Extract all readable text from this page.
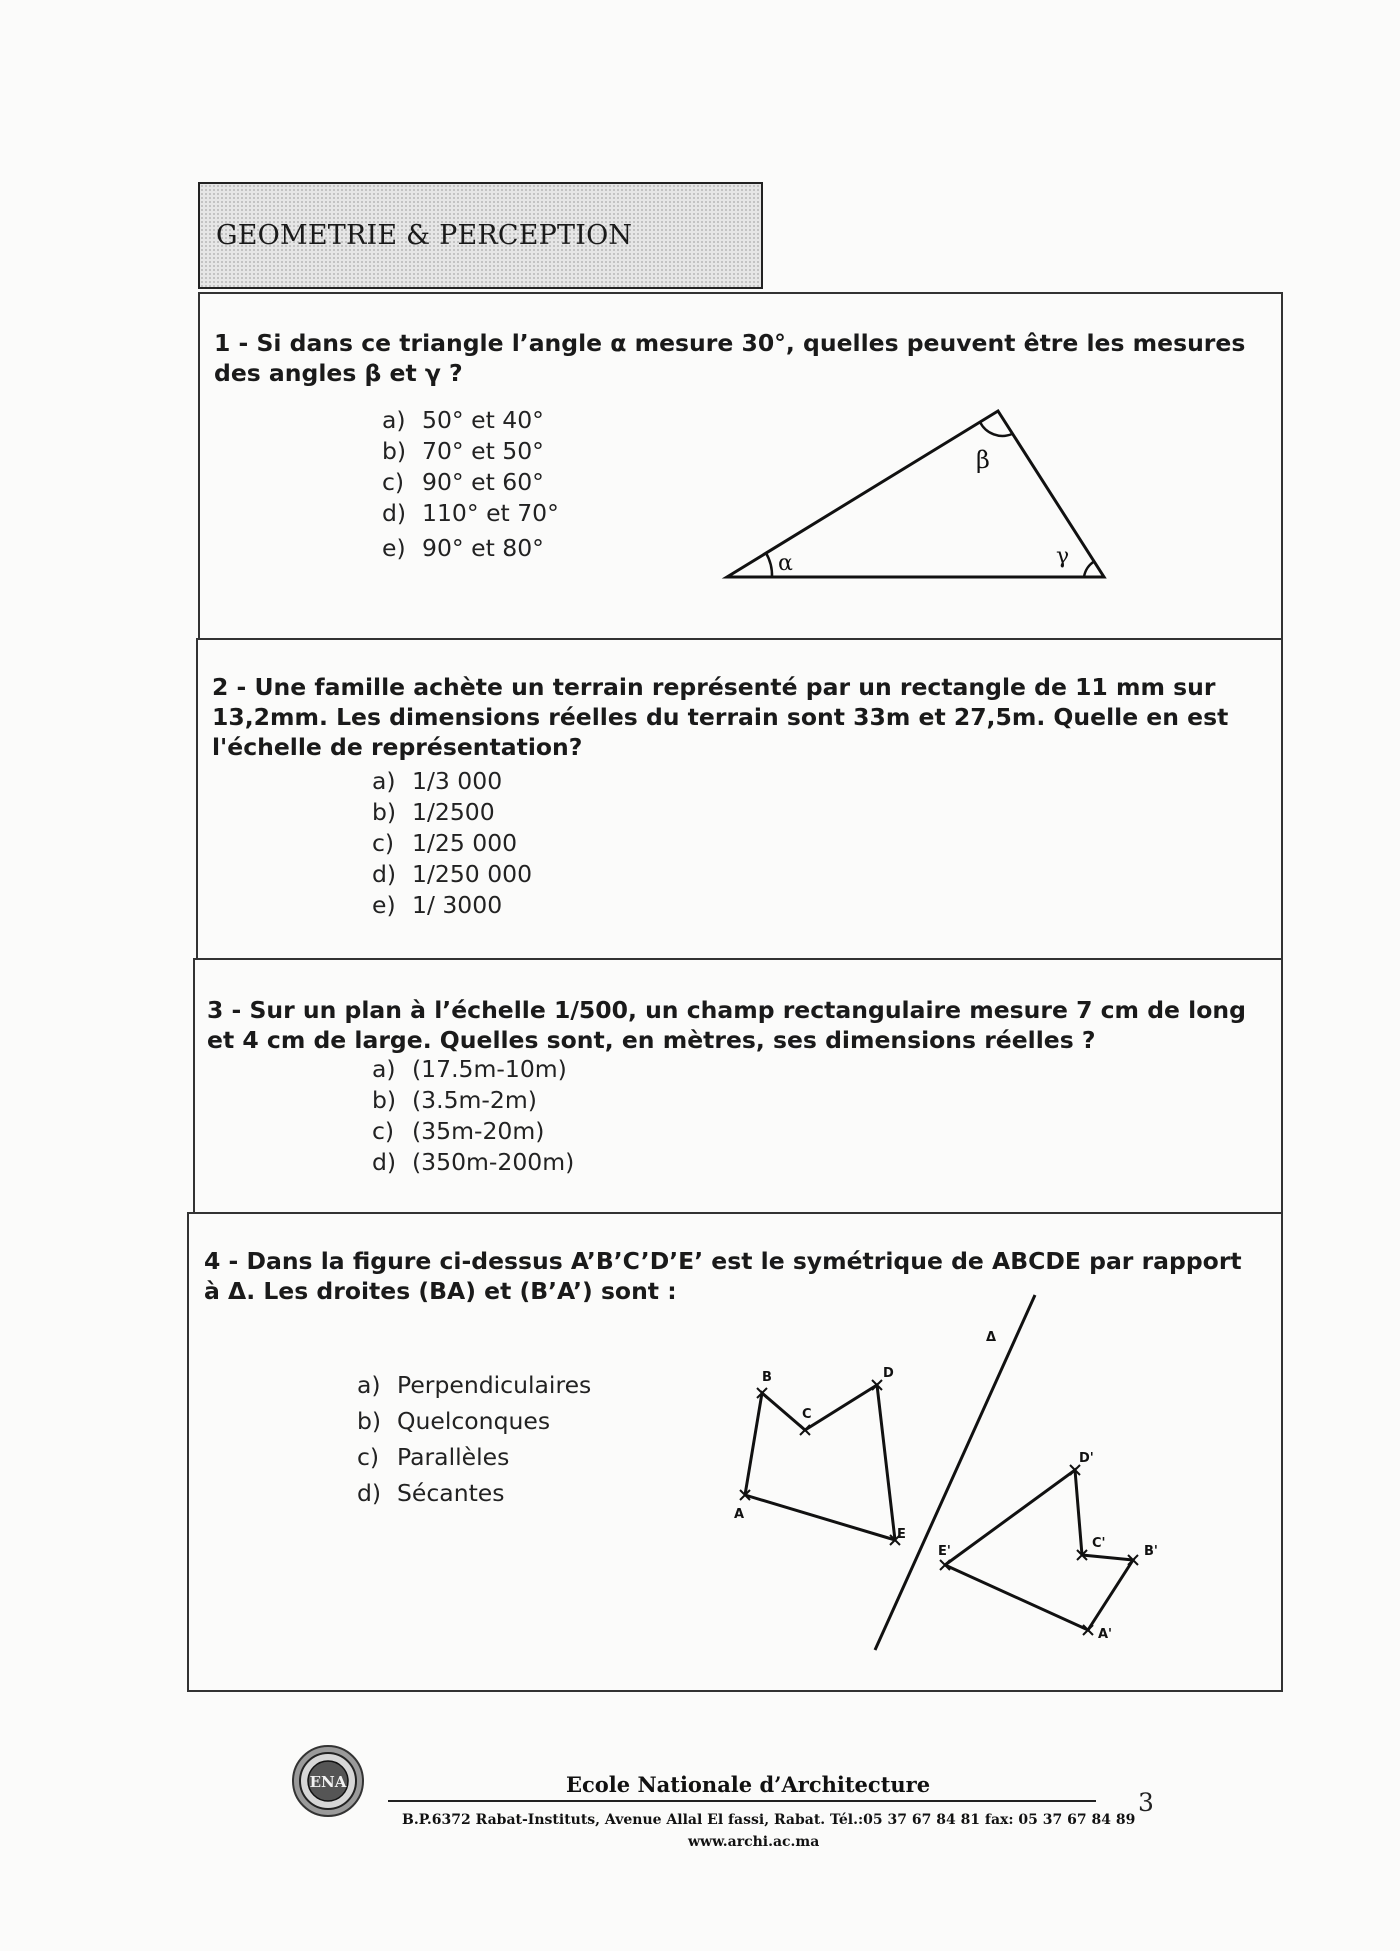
GEOMETRIE & PERCEPTION
1 - Si dans ce triangle l’angle α mesure 30°, quelles peuvent être les mesures des angles β et γ ?
a) 50° et 40°
b) 70° et 50°
c) 90° et 60°
d) 110° et 70°
e) 90° et 80°
α
β
γ
2 - Une famille achète un terrain représenté par un rectangle de 11 mm sur 13,2mm. Les dimensions réelles du terrain sont 33m et 27,5m. Quelle en est l'échelle de représentation?
a) 1/3 000
b) 1/2500
c) 1/25 000
d) 1/250 000
e) 1/ 3000
3 - Sur un plan à l’échelle 1/500, un champ rectangulaire mesure 7 cm de long et 4 cm de large. Quelles sont, en mètres, ses dimensions réelles ?
a) (17.5m-10m)
b) (3.5m-2m)
c) (35m-20m)
d) (350m-200m)
4 - Dans la figure ci-dessus A’B’C’D’E’ est le symétrique de ABCDE par rapport à Δ. Les droites (BA) et (B’A’) sont :
a) Perpendiculaires
b) Quelconques
c) Parallèles
d) Sécantes
Δ
A
B
C
D
E
A'
B'
C'
D'
E'
ENA	Ecole Nationale d’Architecture
3
B.P.6372 Rabat-Instituts, Avenue Allal El fassi, Rabat. Tél.:05 37 67 84 81 fax: 05 37 67 84 89
www.archi.ac.ma
